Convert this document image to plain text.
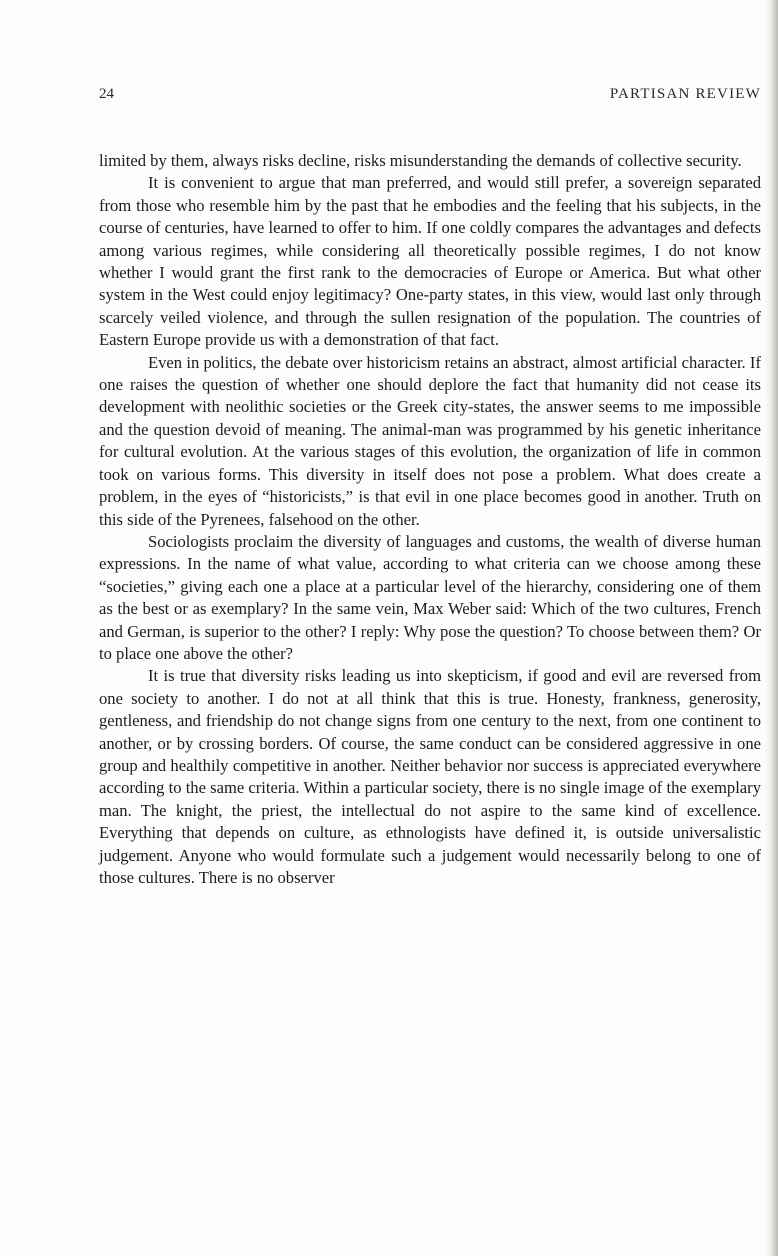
24	PARTISAN REVIEW

limited by them, always risks decline, risks misunderstanding the demands of collective security.

It is convenient to argue that man preferred, and would still prefer, a sovereign separated from those who resemble him by the past that he embodies and the feeling that his subjects, in the course of centuries, have learned to offer to him. If one coldly compares the advantages and defects among various regimes, while considering all theoretically possible regimes, I do not know whether I would grant the first rank to the democracies of Europe or America. But what other system in the West could enjoy legitimacy? One-party states, in this view, would last only through scarcely veiled violence, and through the sullen resignation of the population. The countries of Eastern Europe provide us with a demonstration of that fact.

Even in politics, the debate over historicism retains an abstract, almost artificial character. If one raises the question of whether one should deplore the fact that humanity did not cease its development with neolithic societies or the Greek city-states, the answer seems to me impossible and the question devoid of meaning. The animal-man was programmed by his genetic inheritance for cultural evolution. At the various stages of this evolution, the organization of life in common took on various forms. This diversity in itself does not pose a problem. What does create a problem, in the eyes of “historicists,” is that evil in one place becomes good in another. Truth on this side of the Pyrenees, falsehood on the other.

Sociologists proclaim the diversity of languages and customs, the wealth of diverse human expressions. In the name of what value, according to what criteria can we choose among these “societies,” giving each one a place at a particular level of the hierarchy, considering one of them as the best or as exemplary? In the same vein, Max Weber said: Which of the two cultures, French and German, is superior to the other? I reply: Why pose the question? To choose between them? Or to place one above the other?

It is true that diversity risks leading us into skepticism, if good and evil are reversed from one society to another. I do not at all think that this is true. Honesty, frankness, generosity, gentleness, and friendship do not change signs from one century to the next, from one continent to another, or by crossing borders. Of course, the same conduct can be considered aggressive in one group and healthily competitive in another. Neither behavior nor success is appreciated everywhere according to the same criteria. Within a particular society, there is no single image of the exemplary man. The knight, the priest, the intellectual do not aspire to the same kind of excellence. Everything that depends on culture, as ethnologists have defined it, is outside universalistic judgement. Anyone who would formulate such a judgement would necessarily belong to one of those cultures. There is no observer
